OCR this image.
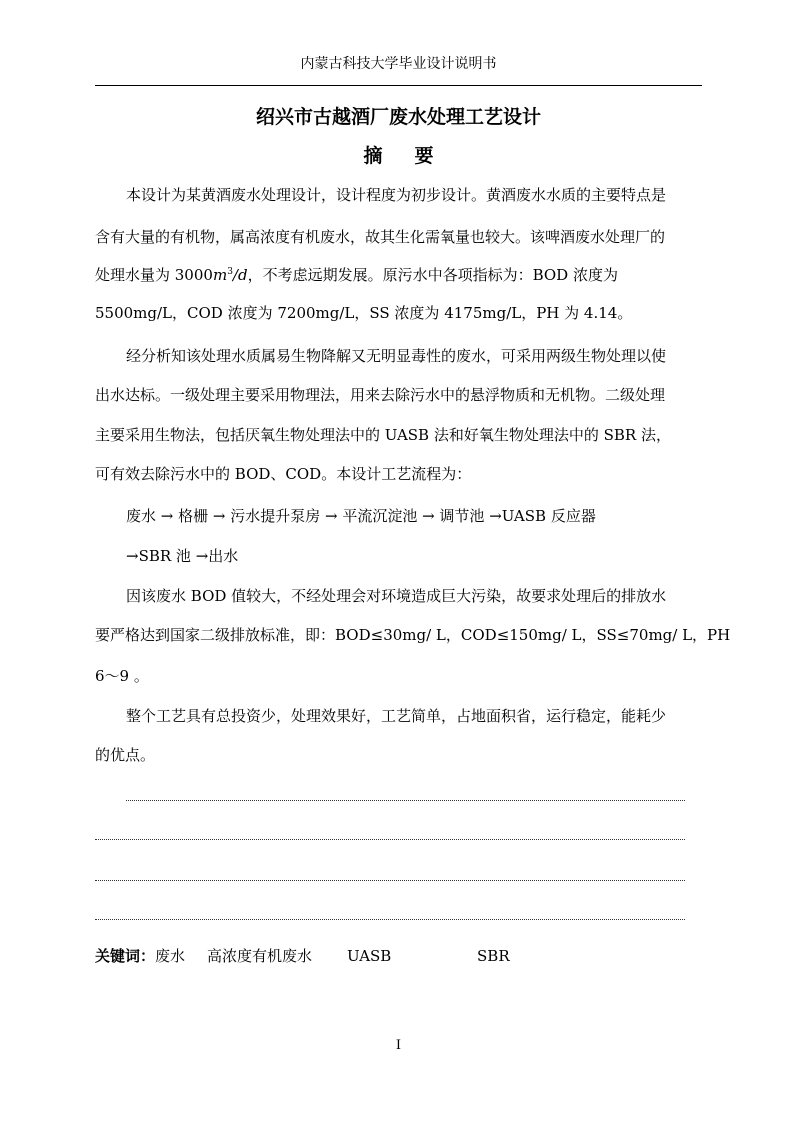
内蒙古科技大学毕业设计说明书
绍兴市古越酒厂废水处理工艺设计
摘要
本设计为某黄酒废水处理设计，设计程度为初步设计。黄酒废水水质的主要特点是
含有大量的有机物，属高浓度有机废水，故其生化需氧量也较大。该啤酒废水处理厂的
处理水量为 $3000m^3/d$，不考虑远期发展。原污水中各项指标为：BOD 浓度为
5500mg/L，COD 浓度为 7200mg/L，SS 浓度为 4175mg/L，PH 为 4.14。
经分析知该处理水质属易生物降解又无明显毒性的废水，可采用两级生物处理以使
出水达标。一级处理主要采用物理法，用来去除污水中的悬浮物质和无机物。二级处理
主要采用生物法，包括厌氧生物处理法中的 UASB 法和好氧生物处理法中的 SBR 法，
可有效去除污水中的 BOD、COD。本设计工艺流程为：
废水 → 格栅 → 污水提升泵房 → 平流沉淀池 → 调节池 →UASB 反应器
→SBR 池 →出水
因该废水 BOD 值较大，不经处理会对环境造成巨大污染，故要求处理后的排放水
要严格达到国家二级排放标准，即：BOD≤30mg/ L，COD≤150mg/ L，SS≤70mg/ L，PH
6～9 。
整个工艺具有总投资少，处理效果好，工艺简单，占地面积省，运行稳定，能耗少
的优点。
关键词：废水 高浓度有机废水 UASB	SBR
I
